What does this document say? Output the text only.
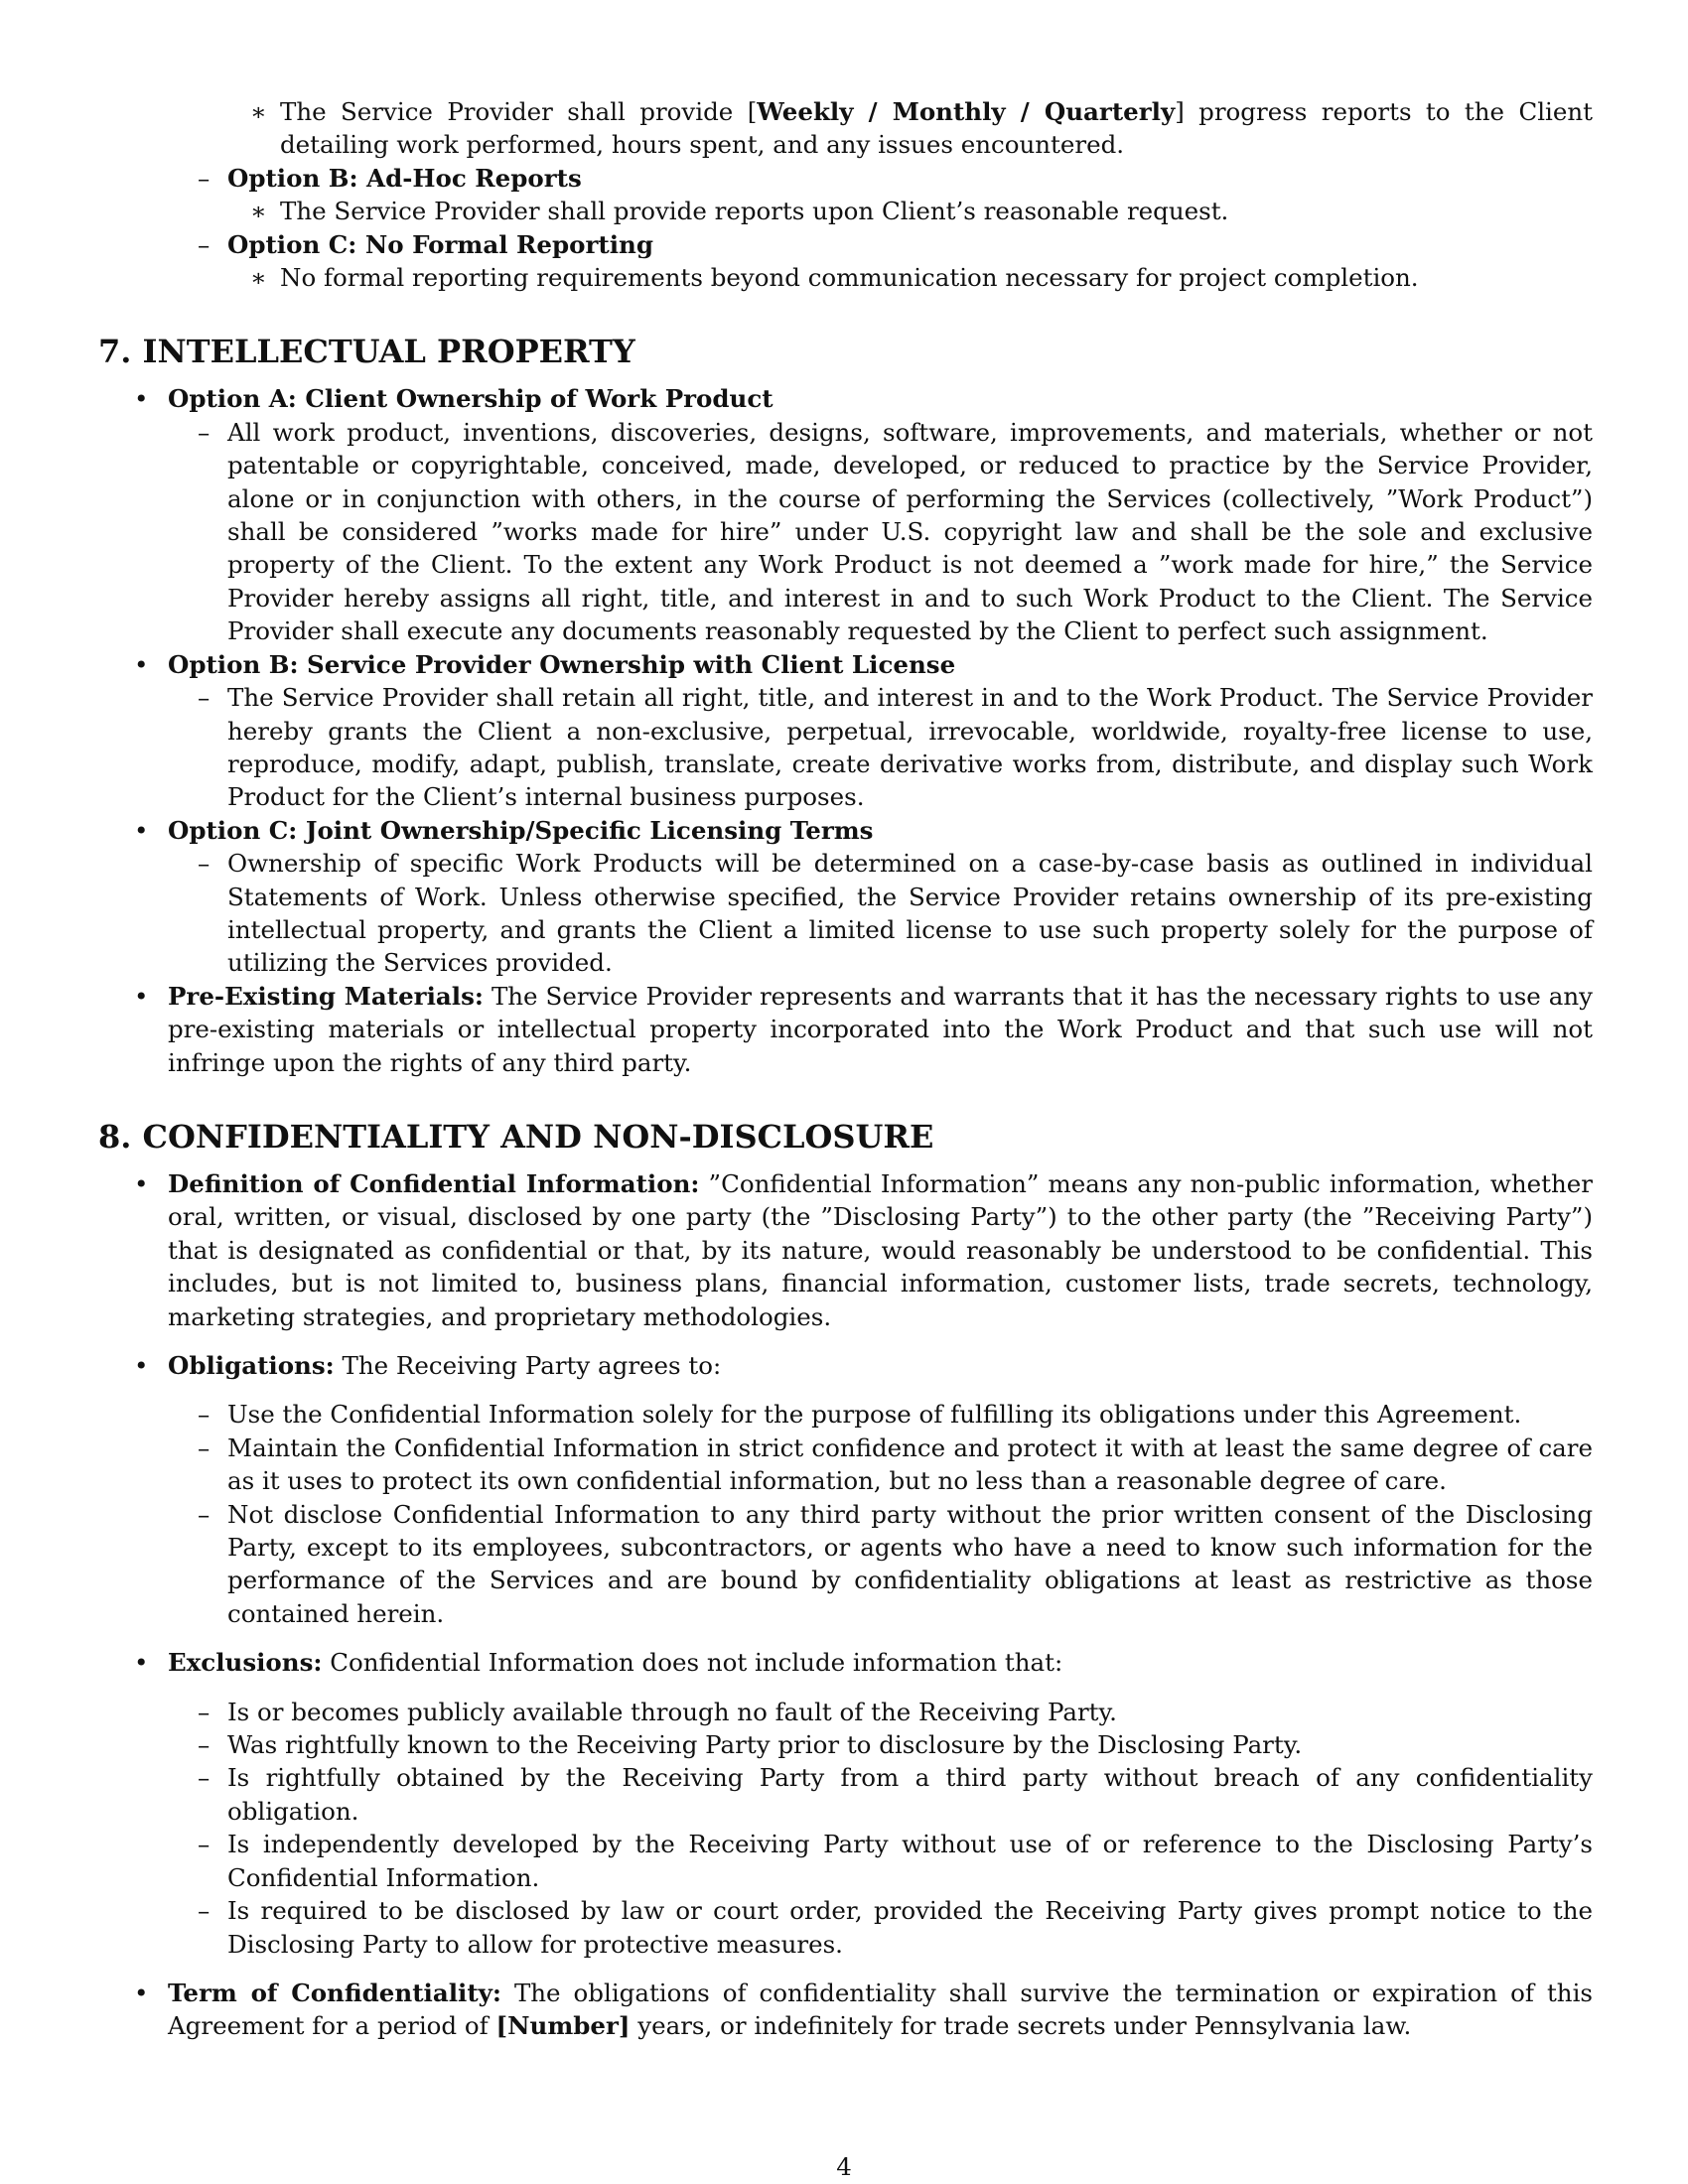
∗ The Service Provider shall provide [Weekly / Monthly / Quarterly] progress reports to the Client detailing work performed, hours spent, and any issues encountered.

– Option B: Ad-Hoc Reports

∗ The Service Provider shall provide reports upon Client’s reasonable request.

– Option C: No Formal Reporting

∗ No formal reporting requirements beyond communication necessary for project completion.

7. INTELLECTUAL PROPERTY

• Option A: Client Ownership of Work Product

– All work product, inventions, discoveries, designs, software, improvements, and materials, whether or not patentable or copyrightable, conceived, made, developed, or reduced to practice by the Service Provider, alone or in conjunction with others, in the course of performing the Services (collectively, ”Work Product”) shall be considered ”works made for hire” under U.S. copyright law and shall be the sole and exclusive property of the Client. To the extent any Work Product is not deemed a ”work made for hire,” the Service Provider hereby assigns all right, title, and interest in and to such Work Product to the Client. The Service Provider shall execute any documents reasonably requested by the Client to perfect such assignment.

• Option B: Service Provider Ownership with Client License

– The Service Provider shall retain all right, title, and interest in and to the Work Product. The Service Provider hereby grants the Client a non-exclusive, perpetual, irrevocable, worldwide, royalty-free license to use, reproduce, modify, adapt, publish, translate, create derivative works from, distribute, and display such Work Product for the Client’s internal business purposes.

• Option C: Joint Ownership/Specific Licensing Terms

– Ownership of specific Work Products will be determined on a case-by-case basis as outlined in individual Statements of Work. Unless otherwise specified, the Service Provider retains ownership of its pre-existing intellectual property, and grants the Client a limited license to use such property solely for the purpose of utilizing the Services provided.

• Pre-Existing Materials: The Service Provider represents and warrants that it has the necessary rights to use any pre-existing materials or intellectual property incorporated into the Work Product and that such use will not infringe upon the rights of any third party.

8. CONFIDENTIALITY AND NON-DISCLOSURE

• Definition of Confidential Information: ”Confidential Information” means any non-public information, whether oral, written, or visual, disclosed by one party (the ”Disclosing Party”) to the other party (the ”Receiving Party”) that is designated as confidential or that, by its nature, would reasonably be understood to be confidential. This includes, but is not limited to, business plans, financial information, customer lists, trade secrets, technology, marketing strategies, and proprietary methodologies.

• Obligations: The Receiving Party agrees to:

– Use the Confidential Information solely for the purpose of fulfilling its obligations under this Agreement.

– Maintain the Confidential Information in strict confidence and protect it with at least the same degree of care as it uses to protect its own confidential information, but no less than a reasonable degree of care.

– Not disclose Confidential Information to any third party without the prior written consent of the Disclosing Party, except to its employees, subcontractors, or agents who have a need to know such information for the performance of the Services and are bound by confidentiality obligations at least as restrictive as those contained herein.

• Exclusions: Confidential Information does not include information that:

– Is or becomes publicly available through no fault of the Receiving Party.

– Was rightfully known to the Receiving Party prior to disclosure by the Disclosing Party.

– Is rightfully obtained by the Receiving Party from a third party without breach of any confidentiality obligation.

– Is independently developed by the Receiving Party without use of or reference to the Disclosing Party’s Confidential Information.

– Is required to be disclosed by law or court order, provided the Receiving Party gives prompt notice to the Disclosing Party to allow for protective measures.

• Term of Confidentiality: The obligations of confidentiality shall survive the termination or expiration of this Agreement for a period of [Number] years, or indefinitely for trade secrets under Pennsylvania law.

4
